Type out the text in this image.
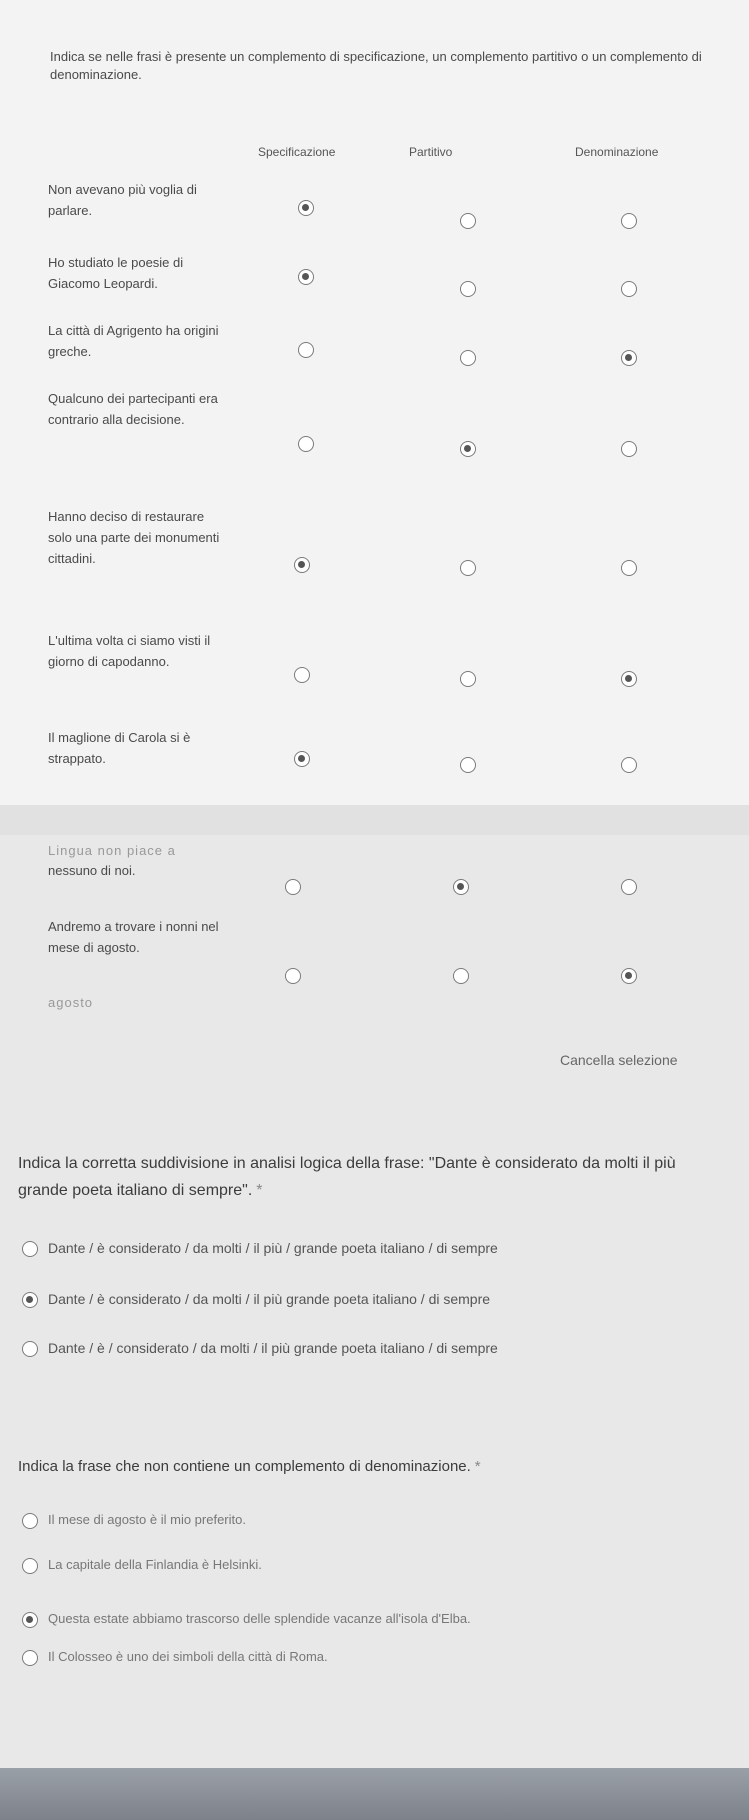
Indica se nelle frasi è presente un complemento di specificazione, un complemento partitivo o un complemento di denominazione.
Specificazione	Partitivo	Denominazione
Non avevano più voglia di parlare.
Ho studiato le poesie di Giacomo Leopardi.
La città di Agrigento ha origini greche.
Qualcuno dei partecipanti era contrario alla decisione.
Hanno deciso di restaurare solo una parte dei monumenti cittadini.
L'ultima volta ci siamo visti il giorno di capodanno.
Il maglione di Carola si è strappato.
Lingua non piace a
nessuno di noi.
Andremo a trovare i nonni nel mese di agosto.
agosto
Cancella selezione
Indica la corretta suddivisione in analisi logica della frase: "Dante è considerato da molti il più grande poeta italiano di sempre". *
Dante / è considerato / da molti / il più / grande poeta italiano / di sempre
Dante / è considerato / da molti / il più grande poeta italiano / di sempre
Dante / è / considerato / da molti / il più grande poeta italiano / di sempre
Indica la frase che non contiene un complemento di denominazione. *
Il mese di agosto è il mio preferito.
La capitale della Finlandia è Helsinki.
Questa estate abbiamo trascorso delle splendide vacanze all'isola d'Elba.
Il Colosseo è uno dei simboli della città di Roma.
